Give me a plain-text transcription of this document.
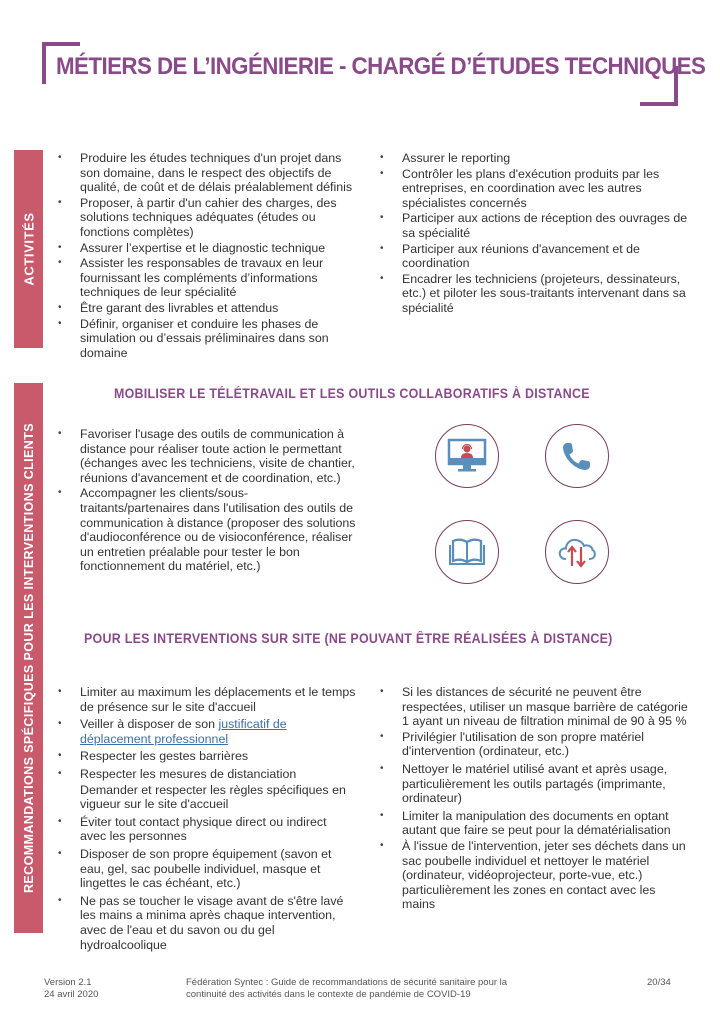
MÉTIERS DE L’INGÉNIERIE - CHARGÉ D’ÉTUDES TECHNIQUES
ACTIVITÉS
• Produire les études techniques d'un projet dans son domaine, dans le respect des objectifs de qualité, de coût et de délais préalablement définis
• Proposer, à partir d'un cahier des charges, des solutions techniques adéquates (études ou fonctions complètes)
• Assurer l’expertise et le diagnostic technique
• Assister les responsables de travaux en leur fournissant les compléments d’informations techniques de leur spécialité
• Être garant des livrables et attendus
• Définir, organiser et conduire les phases de simulation ou d’essais préliminaires dans son domaine
• Assurer le reporting
• Contrôler les plans d'exécution produits par les entreprises, en coordination avec les autres spécialistes concernés
• Participer aux actions de réception des ouvrages de sa spécialité
• Participer aux réunions d'avancement et de coordination
• Encadrer les techniciens (projeteurs, dessinateurs, etc.) et piloter les sous-traitants intervenant dans sa spécialité
RECOMMANDATIONS SPÉCIFIQUES POUR LES INTERVENTIONS CLIENTS
MOBILISER LE TÉLÉTRAVAIL ET LES OUTILS COLLABORATIFS À DISTANCE
• Favoriser l'usage des outils de communication à distance pour réaliser toute action le permettant (échanges avec les techniciens, visite de chantier, réunions d'avancement et de coordination, etc.)
• Accompagner les clients/sous-traitants/partenaires dans l'utilisation des outils de communication à distance (proposer des solutions d'audioconférence ou de visioconférence, réaliser un entretien préalable pour tester le bon fonctionnement du matériel, etc.)
POUR LES INTERVENTIONS SUR SITE (NE POUVANT ÊTRE RÉALISÉES À DISTANCE)
• Limiter au maximum les déplacements et le temps de présence sur le site d'accueil
• Veiller à disposer de son justificatif de déplacement professionnel
• Respecter les gestes barrières
• Respecter les mesures de distanciation
Demander et respecter les règles spécifiques en vigueur sur le site d'accueil
• Éviter tout contact physique direct ou indirect avec les personnes
• Disposer de son propre équipement (savon et eau, gel, sac poubelle individuel, masque et lingettes le cas échéant, etc.)
• Ne pas se toucher le visage avant de s'être lavé les mains a minima après chaque intervention, avec de l'eau et du savon ou du gel hydroalcoolique
• Si les distances de sécurité ne peuvent être respectées, utiliser un masque barrière de catégorie 1 ayant un niveau de filtration minimal de 90 à 95 %
• Privilégier l'utilisation de son propre matériel d'intervention (ordinateur, etc.)
• Nettoyer le matériel utilisé avant et après usage, particulièrement les outils partagés (imprimante, ordinateur)
• Limiter la manipulation des documents en optant autant que faire se peut pour la dématérialisation
• À l'issue de l'intervention, jeter ses déchets dans un sac poubelle individuel et nettoyer le matériel (ordinateur, vidéoprojecteur, porte-vue, etc.) particulièrement les zones en contact avec les mains
Version 2.1
24 avril 2020
Fédération Syntec : Guide de recommandations de sécurité sanitaire pour la
continuité des activités dans le contexte de pandémie de COVID-19
20/34
